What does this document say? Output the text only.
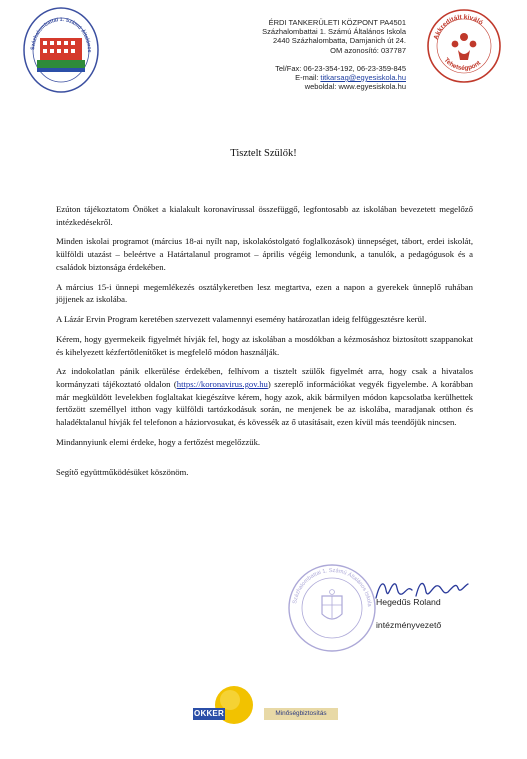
Százhalombattai 1. Számú Általános
ÉRDI TANKERÜLETI KÖZPONT PA4501
Százhalombattai 1. Számú Általános Iskola
2440 Százhalombatta, Damjanich út 24.
OM azonosító: 037787
Tel/Fax: 06-23-354-192, 06-23-359-845
E-mail: titkarsag@egyesiskola.hu
weboldal: www.egyesiskola.hu
Akkreditált kiváló
Tehetségpont
Tisztelt Szülők!

Ezúton tájékoztatom Önöket a kialakult koronavírussal összefüggő, legfontosabb az iskolában bevezetett megelőző intézkedésekről.

Minden iskolai programot (március 18-ai nyílt nap, iskolakóstolgató foglalkozások) ünnepséget, tábort, erdei iskolát, külföldi utazást – beleértve a Határtalanul programot – április végéig lemondunk, a tanulók, a pedagógusok és a családok biztonsága érdekében.

A március 15-i ünnepi megemlékezés osztálykeretben lesz megtartva, ezen a napon a gyerekek ünneplő ruhában jöjjenek az iskolába.

A Lázár Ervin Program keretében szervezett valamennyi esemény határozatlan ideig felfüggesztésre kerül.

Kérem, hogy gyermekeik figyelmét hívják fel, hogy az iskolában a mosdókban a kézmosáshoz biztosított szappanokat és kihelyezett kézfertőtlenítőket is megfelelő módon használják.

Az indokolatlan pánik elkerülése érdekében, felhívom a tisztelt szülők figyelmét arra, hogy csak a hivatalos kormányzati tájékoztató oldalon (https://koronavirus.gov.hu) szereplő információkat vegyék figyelembe. A korábban már megküldött levelekben foglaltakat kiegészítve kérem, hogy azok, akik bármilyen módon kapcsolatba kerülhettek fertőzött személlyel itthon vagy külföldi tartózkodásuk során, ne menjenek be az iskolába, maradjanak otthon és haladéktalanul hívják fel telefonon a háziorvosukat, és kövessék az ő utasításait, ezen kívül más teendőjük nincsen.

Mindannyiunk elemi érdeke, hogy a fertőzést megelőzzük.

Segítő együttműködésüket köszönöm.

Százhalombattai 1. Számú Általános Iskola Hegedűs Roland
intézményvezető
OKKER	Minőségbiztosítás
